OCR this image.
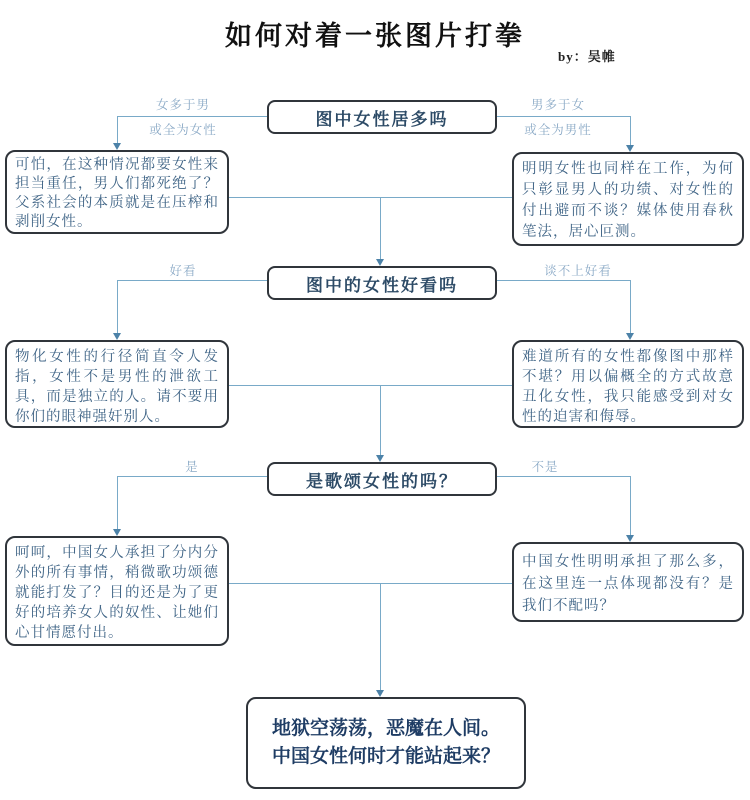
如何对着一张图片打拳
by：吴帷
图中女性居多吗
女多于男
或全为女性
男多于女
或全为男性
可怕，在这种情况都要女性来担当重任，男人们都死绝了？父系社会的本质就是在压榨和剥削女性。
明明女性也同样在工作，为何只彰显男人的功绩、对女性的付出避而不谈？媒体使用春秋笔法，居心叵测。
图中的女性好看吗
好看	谈不上好看
物化女性的行径简直令人发指，女性不是男性的泄欲工具，而是独立的人。请不要用你们的眼神强奸别人。
难道所有的女性都像图中那样不堪？用以偏概全的方式故意丑化女性，我只能感受到对女性的迫害和侮辱。
是歌颂女性的吗？
是	不是
呵呵，中国女人承担了分内分外的所有事情，稍微歌功颂德就能打发了？目的还是为了更好的培养女人的奴性、让她们心甘情愿付出。
中国女性明明承担了那么多，在这里连一点体现都没有？是我们不配吗？
地狱空荡荡，恶魔在人间。
中国女性何时才能站起来？
